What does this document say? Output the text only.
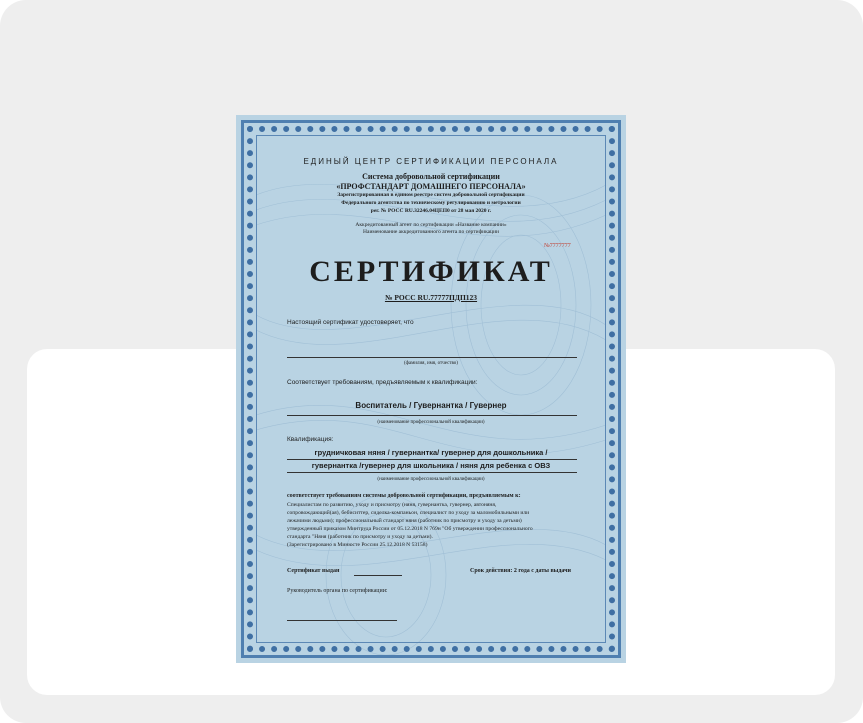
ЕДИНЫЙ ЦЕНТР СЕРТИФИКАЦИИ ПЕРСОНАЛА
Система добровольной сертификации
«ПРОФСТАНДАРТ ДОМАШНЕГО ПЕРСОНАЛА»
Зарегистрированная в едином реестре систем добровольной сертификации
Федерального агентства по техническому регулированию и метрологии
рег. № РОСС RU.32246.04ЦЕП0 от 28 мая 2020 г.
Аккредитованный агент по сертификации «Название компании»
Наименование аккредитованного агента по сертификации
№7777777
СЕРТИФИКАТ
№ РОСС RU.77777ПДП123
Настоящий сертификат удостоверяет, что
(фамилия, имя, отчество)
Соответствует требованиям, предъявляемым к квалификации:
Воспитатель / Гувернантка / Гувернер
(наименование профессиональной квалификации)
Квалификация:
грудничковая няня / гувернантка/ гувернер для дошкольника /
гувернантка /гувернер для школьника / няня для ребенка с ОВЗ
(наименование профессиональной квалификации)
соответствует требованиям системы добровольной сертификации, предъявляемым к:
Специалистам по развитию, уходу и присмотру (няня, гувернантка, гувернер, автоняня,
сопровождающий(ая), бебиситтер, сиделка-компаньон, специалист по уходу за маломобильными или
лежачими людьми); профессиональный стандарт няня (работник по присмотру и уходу за детьми)
утвержденный приказом Минтруда России от 05.12.2018 N 769н "Об утверждении профессионального
стандарта "Няня (работник по присмотру и уходу за детьми).
(Зарегистрировано в Минюсте России 25.12.2018 N 53158)
Сертификат выдан	Срок действия: 2 года с даты выдачи
Руководитель органа по сертификации:
